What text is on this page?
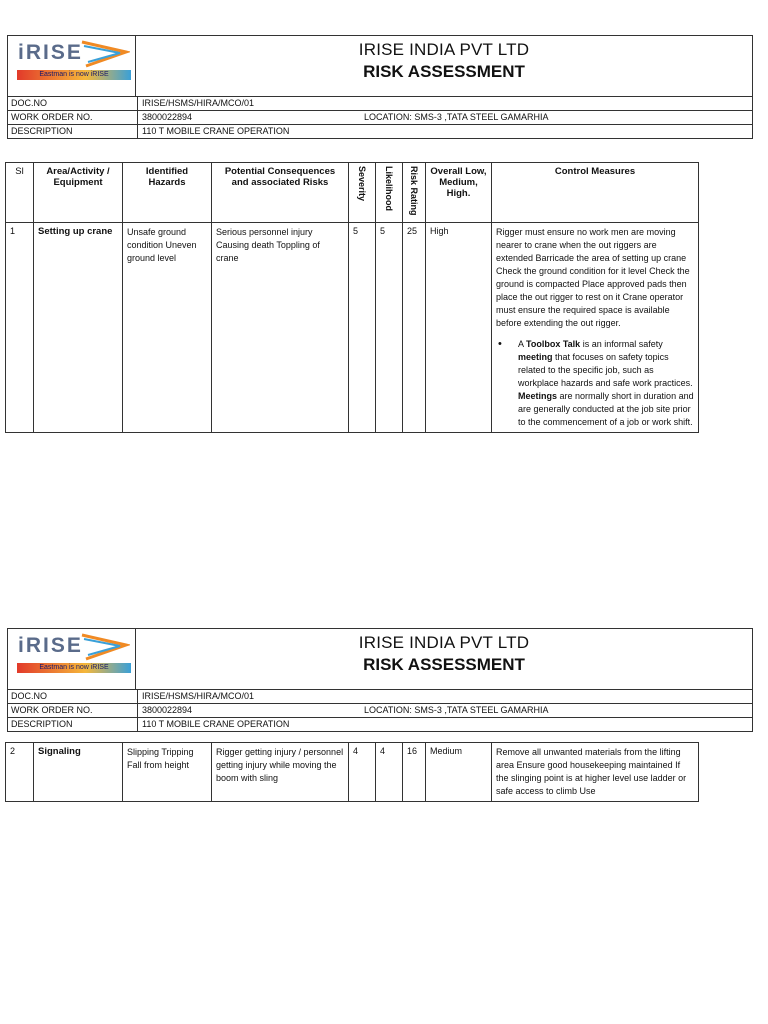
iRISE
Eastman is now iRISE
IRISE INDIA PVT LTD
RISK ASSESSMENT
DOC.NO	IRISE/HSMS/HIRA/MCO/01
WORK ORDER NO.	3800022894	LOCATION: SMS-3 ,TATA STEEL GAMARHIA
DESCRIPTION	110 T MOBILE CRANE OPERATION
Sl	Area/Activity / Equipment	Identified Hazards	Potential Consequences and associated Risks	Severity	Likelihood	Risk Rating	Overall Low, Medium, High.	Control Measures
1	Setting up crane	Unsafe ground condition Uneven ground level	Serious personnel injury Causing death Toppling of crane	5	5	25	High	Rigger must ensure no work men are moving nearer to crane when the out riggers are extended Barricade the area of setting up crane Check the ground condition for it level Check the ground is compacted Place approved pads then place the out rigger to rest on it Crane operator must ensure the required space is available before extending the out rigger.
• A Toolbox Talk is an informal safety meeting that focuses on safety topics related to the specific job, such as workplace hazards and safe work practices. Meetings are normally short in duration and are generally conducted at the job site prior to the commencement of a job or work shift.
iRISE
Eastman is now iRISE
IRISE INDIA PVT LTD
RISK ASSESSMENT
DOC.NO	IRISE/HSMS/HIRA/MCO/01
WORK ORDER NO.	3800022894	LOCATION: SMS-3 ,TATA STEEL GAMARHIA
DESCRIPTION	110 T MOBILE CRANE OPERATION
2	Signaling	Slipping Tripping Fall from height	Rigger getting injury / personnel getting injury while moving the boom with sling	4	4	16	Medium	Remove all unwanted materials from the lifting area Ensure good housekeeping maintained If the slinging point is at higher level use ladder or safe access to climb Use
